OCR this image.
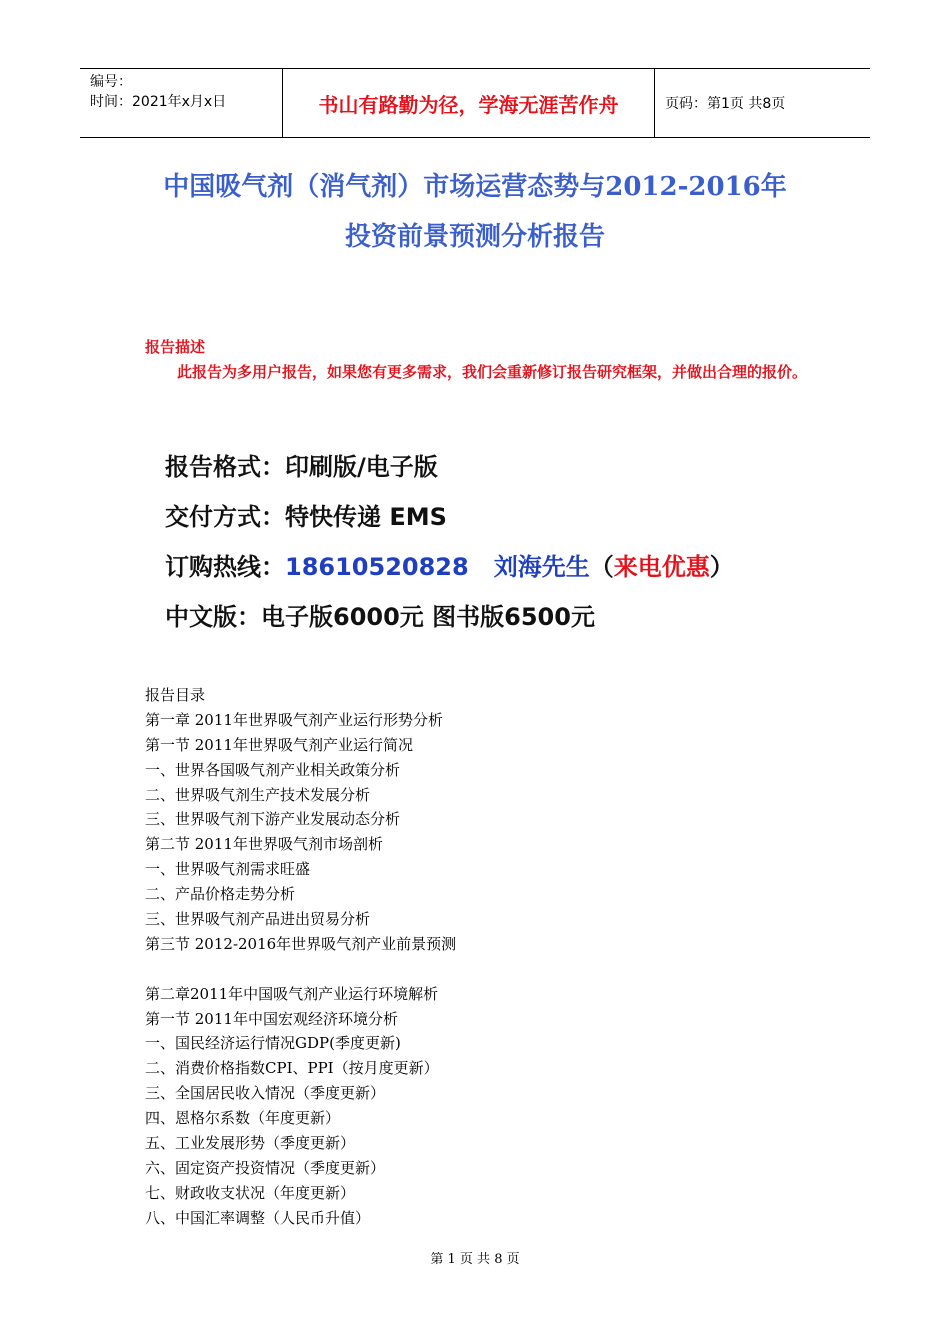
编号：
时间：2021年x月x日	书山有路勤为径，学海无涯苦作舟	页码：第1页 共8页
中国吸气剂（消气剂）市场运营态势与2012-2016年
投资前景预测分析报告
报告描述
此报告为多用户报告，如果您有更多需求，我们会重新修订报告研究框架，并做出合理的报价。
报告格式：印刷版/电子版
交付方式：特快传递 EMS
订购热线：18610520828 刘海先生（来电优惠）
中文版：电子版6000元 图书版6500元
报告目录
第一章 2011年世界吸气剂产业运行形势分析
第一节 2011年世界吸气剂产业运行简况
一、世界各国吸气剂产业相关政策分析
二、世界吸气剂生产技术发展分析
三、世界吸气剂下游产业发展动态分析
第二节 2011年世界吸气剂市场剖析
一、世界吸气剂需求旺盛
二、产品价格走势分析
三、世界吸气剂产品进出贸易分析
第三节 2012-2016年世界吸气剂产业前景预测
第二章2011年中国吸气剂产业运行环境解析
第一节 2011年中国宏观经济环境分析
一、国民经济运行情况GDP(季度更新)
二、消费价格指数CPI、PPI（按月度更新）
三、全国居民收入情况（季度更新）
四、恩格尔系数（年度更新）
五、工业发展形势（季度更新）
六、固定资产投资情况（季度更新）
七、财政收支状况（年度更新）
八、中国汇率调整（人民币升值）
第 1 页 共 8 页
